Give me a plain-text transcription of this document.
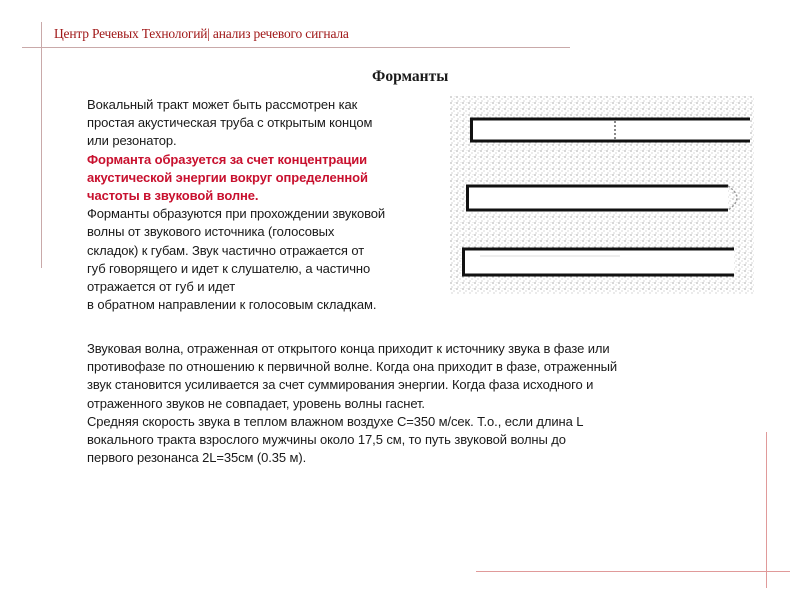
Центр Речевых Технологий| анализ речевого сигнала
Форманты

Вокальный тракт может быть рассмотрен как
простая акустическая труба с открытым концом
или резонатор.

Форманта образуется за счет концентрации
акустической энергии вокруг определенной
частоты в звуковой волне.

Форманты образуются при прохождении звуковой
волны от звукового источника (голосовых
складок) к губам. Звук частично отражается от
губ говорящего и идет к слушателю, а частично
отражается от губ и идет
в обратном направлении к голосовым складкам.

Звуковая волна, отраженная от открытого конца приходит к источнику звука в фазе или
противофазе по отношению к первичной волне. Когда она приходит в фазе, отраженный
звук становится усиливается за счет суммирования энергии. Когда фаза исходного и
отраженного звуков не совпадает, уровень волны гаснет.

Средняя скорость звука в теплом влажном воздухе С=350 м/сек. Т.о., если длина L
вокального тракта взрослого мужчины около 17,5 см, то путь звуковой волны до
первого резонанса 2L=35см (0.35 м).
